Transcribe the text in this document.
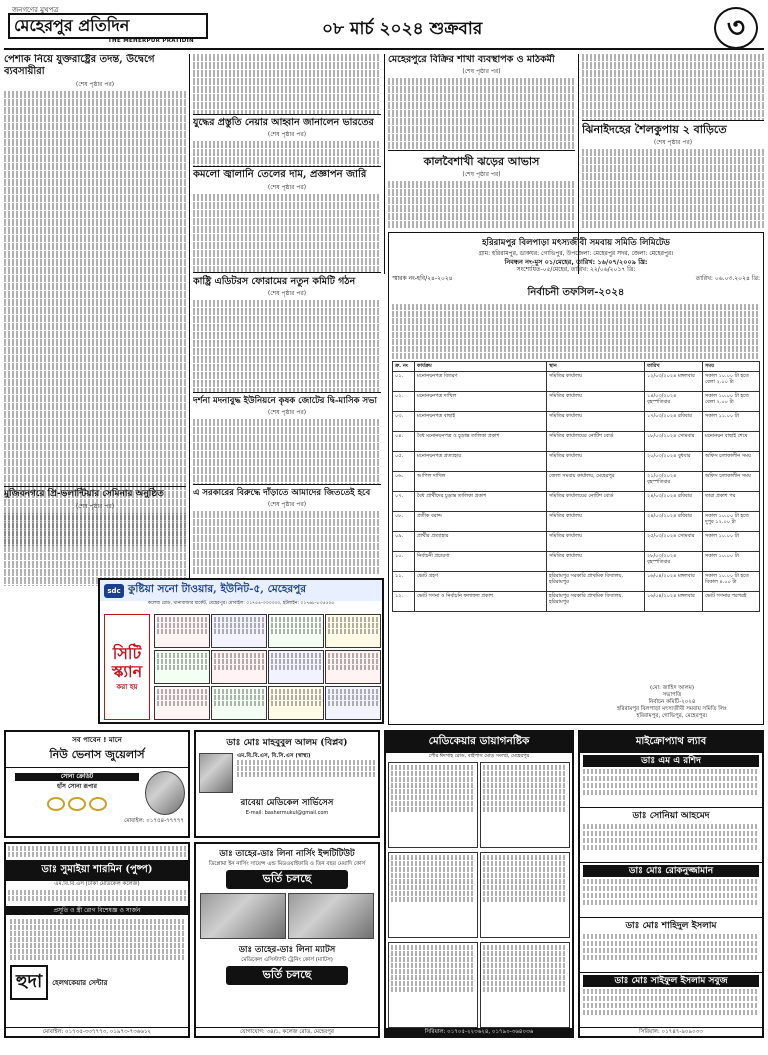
জনগণের মুখপত্র
মেহেরপুর প্রতিদিন
THE MEHERPUR PRATIDIN
০৮ মার্চ ২০২৪ শুক্রবার	৩
পেশাক নিয়ে যুক্তরাষ্ট্রের তদন্ত, উদ্বেগে ব্যবসায়ীরা
(শেষ পৃষ্ঠার পর)
মুজিবনগরে প্রি-ভলান্টিয়ার সেমিনার অনুষ্ঠিত
(শেষ পৃষ্ঠার পর)
যুদ্ধের প্রস্তুতি নেয়ার আহ্বান জানালেন ভারতের
(শেষ পৃষ্ঠার পর)
কমলো জ্বালানি তেলের দাম, প্রজ্ঞাপন জারি
(শেষ পৃষ্ঠার পর)
মেহেরপুরে বিক্রির শাখা ব্যবস্থাপক ও মাঠকর্মী
(শেষ পৃষ্ঠার পর)
কালবৈশাখী ঝড়ের আভাস
(শেষ পৃষ্ঠার পর)
ঝিনাইদহের শৈলকুপায় ২ বাড়িতে
(শেষ পৃষ্ঠার পর)
কাষ্ট্রি এডিটরস ফোরামের নতুন কমিটি গঠন
(শেষ পৃষ্ঠার পর)
দর্শনা মদনাবুদ্ধ ইউনিয়নে কৃষক জোটের দ্বি-মাসিক সভা
(শেষ পৃষ্ঠার পর)
এ সরকারের বিরুদ্ধে দাঁড়াতে আমাদের জিততেই হবে
(শেষ পৃষ্ঠার পর)
হরিরামপুর বিলপাড়া মৎস্যজীবী সমবায় সমিতি লিমিটেড
গ্রাম: হরিরামপুর, ডাকঘর: গোভিপুর, উপজেলা: মেহেরপুর সদর, জেলা: মেহেরপুর।
নিবন্ধন নং-মুস ০১/মেহের, তারিখ: ১৬/০৭/২০০৯ খ্রি:
সংশোধিত-০৫/মেহের, তারিখ: ২২/০৬/২০১৭ খ্রি:
স্মারক নং-হবি/২৪-২০২৪	তারিখ: ০৬.০৩.২০২৪ খ্রি:
নির্বাচনী তফসিল-২০২৪
ক্র. নং	কার্যক্রম	স্থান	তারিখ	সময়
০১.	মনোনয়নপত্র বিতরণ	সমিতির কার্যালয়	১২/০৩/২০২৪ মঙ্গলবার	সকাল ১০.০০ টা হতে বেলা ২.০০ টা
০২.	মনোনয়নপত্র দাখিল	সমিতির কার্যালয়	১৪/০৩/২০২৪ বৃহস্পতিবার	সকাল ১০.০০ টা হতে বেলা ২.০০ টা
০৩.	মনোনয়নপত্র বাছাই	সমিতির কার্যালয়	১৭/০৩/২০২৪ রবিবার	সকাল ১১.০০ টা
০৪.	বৈধ মনোনয়নপত্র ও চূড়ান্ত তালিকা প্রকাশ	সমিতির কার্যালয়ের নোটিশ বোর্ড	১৮/০৩/২০২৪ সোমবার	মনোনয়ন বাছাই শেষে
০৫.	মনোনয়নপত্র প্রত্যাহার	সমিতির কার্যালয়	২০/০৩/২০২৪ বুধবার	অফিস চলাকালীন সময়
০৬.	আপিল দাখিল	জেলা সমবায় কার্যালয়, মেহেরপুর	২১/০৩/২০২৪ বৃহস্পতিবার	অফিস চলাকালীন সময়
০৭.	বৈধ প্রার্থীদের চূড়ান্ত তালিকা প্রকাশ	সমিতির কার্যালয়ের নোটিশ বোর্ড	২৪/০৩/২০২৪ রবিবার	তারা প্রকাশ পর
০৮.	প্রতীক বরাদ্দ	সমিতির কার্যালয়	২৪/০৩/২০২৪ রবিবার	সকাল ১০.০০ টা হতে দুপুর ১২.০০ টা
০৯.	প্রার্থীর প্রত্যাহার	সমিতির কার্যালয়	২৫/০৩/২০২৪ সোমবার	সকাল ১০.০০ টা
১০.	নির্বাচনী প্রচারণা	সমিতির কার্যালয়	২৮/০৩/২০২৪ বৃহস্পতিবার	সকাল ১০.০০ টা
১১.	ভোট গ্রহণ	হরিরামপুর সরকারি প্রাথমিক বিদ্যালয়, হরিরামপুর	১৬/০৪/২০২৪ মঙ্গলবার	সকাল ১০.০০ টা হতে বিকাল ৪.০০ টা
১২.	ভোট গণনা ও নির্বাচনি ফলাফল প্রকাশ	হরিরামপুর সরকারি প্রাথমিক বিদ্যালয়, হরিরামপুর	১৬/০৪/২০২৪ মঙ্গলবার	ভোট গণনার পরপরই
(মো: জাহিদ আলম)
সভাপতি
নির্বাচন কমিটি-২০২৪
হরিরামপুর বিলপাড়া মৎস্যজীবী সমবায় সমিতি লিঃ
হরিরামপুর, গোভিপুর, মেহেরপুর।
sdc কুষ্টিয়া সনো টাওয়ার, ইউনিট-৫, মেহেরপুর
কলেজ রোড, থানাবাজার মার্কেট, মেহেরপুর। মোবাইল: ০১৭৫৪-৩৩৩৩৩৩, হটলাইন: ০১৭৬৮-৮৩৫৫০৫
সিটি স্ক্যান
করা হয়
সব পাবেন ! মানে
নিউ ভেনাস জুয়েলার্স
সোনা ক্রেডিট
হাঁস সোনা রূপার
মোবাইল: ০১৭৫৪-৭৭৭৭৭
ডাঃ মোঃ মাহবুবুল আলম (বিপ্লব)
এম.বি.বি.এস, বি.সি.এস (স্বাস্থ্য)
রাবেয়া মেডিকেল সার্ভিসেস
E-mail: bashermukul@gmail.com
মেডিকেয়ার ডায়াগনষ্টিক
পৌর ঈদগাহ রোড, বাইপাস মোড় সংলগ্ন, মেহেরপুর
সিরিয়াল: ০১৭০৫-২২৩৬২৪, ০১৭৯০-৩৬৪০৩৬
মাইক্রোপ্যাথ ল্যাব
ডাঃ এম এ রশিদ
ডাঃ সোনিয়া আহমেদ
ডাঃ মোঃ রোকনুজ্জামান
ডাঃ মোঃ শাহিদুল ইসলাম
ডাঃ মোঃ সাইফুল ইসলাম সবুজ
সিরিয়াল: ০১৭৪৭-৯০৯০৩৩
ডাঃ সুমাইয়া শারমিন (পুষ্প)
এম.বি.বি.এস (ঢাকা মেডিকেল কলেজ)
প্রসূতি ও স্ত্রী রোগ বিশেষজ্ঞ ও সার্জন
হুদা	হেলথকেয়ার সেন্টার
মোবাইল: ০১৭৩৫-৩৩৭৭৭৩, ০১৯৭৩-৭৩৬৬১২
ডাঃ তাহের-ডাঃ লিনা নার্সিং ইন্সটিটিউট
ডিপ্লোমা ইন নার্সিং সায়েন্স এন্ড মিডওয়াইফারি ও তিন বছর মেয়াদি কোর্স
ভর্তি চলছে
ডাঃ তাহের-ডাঃ লিনা ম্যাটস
মেডিকেল এসিস্ট্যান্ট ট্রেনিং কোর্স (ম্যাটস)
ভর্তি চলছে
যোগাযোগ: ৩৪/১, কলেজ রোড, মেহেরপুর
